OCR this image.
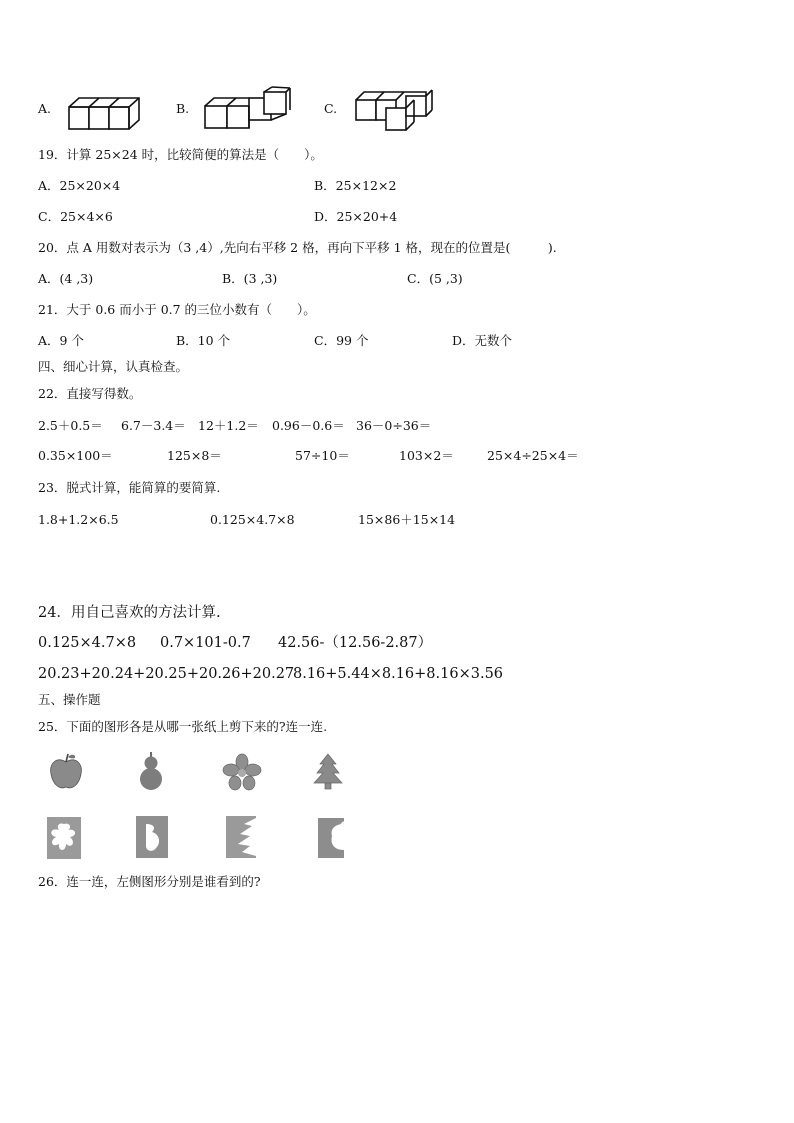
A.	B.	C.
19．计算 25×24 时，比较简便的算法是（　　）。
A．25×20×4	B．25×12×2
C．25×4×6	D．25×20+4
20．点 A 用数对表示为（3 ,4）,先向右平移 2 格，再向下平移 1 格，现在的位置是(　　　).
A．(4 ,3)	B．(3 ,3)	C．(5 ,3)
21．大于 0.6 而小于 0.7 的三位小数有（　　）。
A．9 个	B．10 个	C．99 个	D．无数个
四、细心计算，认真检查。
22．直接写得数。
2.5＋0.5＝ 6.7－3.4＝ 12＋1.2＝ 0.96－0.6＝ 36－0÷36＝
0.35×100＝	125×8＝	57÷10＝	103×2＝	25×4÷25×4＝
23．脱式计算，能简算的要简算.
1.8+1.2×6.5	0.125×4.7×8	15×86＋15×14
24．用自己喜欢的方法计算.
0.125×4.7×8 0.7×101-0.7 42.56-（12.56-2.87）
20.23+20.24+20.25+20.26+20.27
8.16+5.44×8.16+8.16×3.56
五、操作题
25．下面的图形各是从哪一张纸上剪下来的?连一连.
26．连一连，左侧图形分别是谁看到的?
